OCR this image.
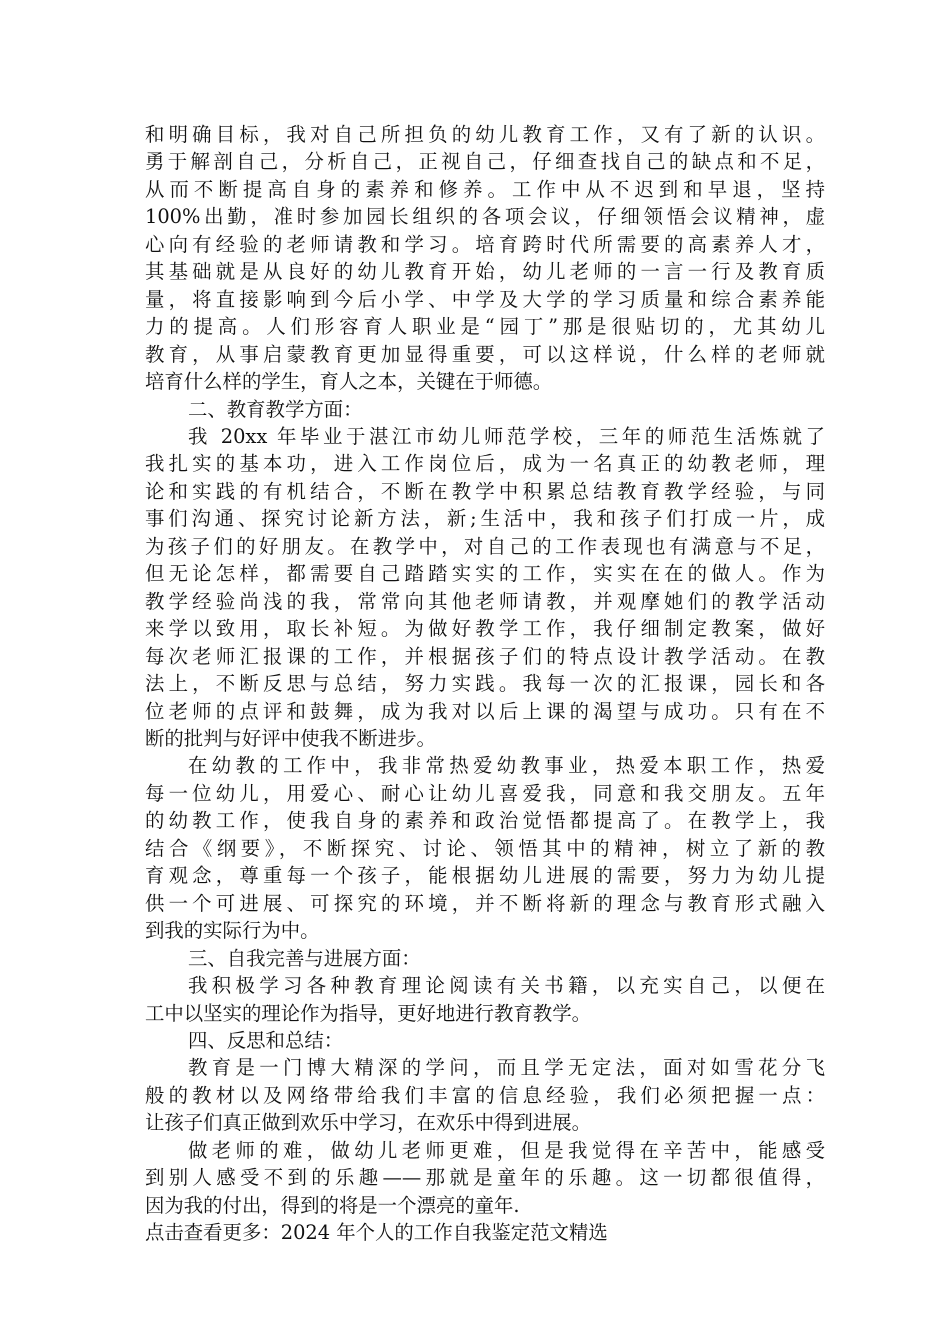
和明确目标，我对自己所担负的幼儿教育工作，又有了新的认识。
勇于解剖自己，分析自己，正视自己，仔细查找自己的缺点和不足，
从而不断提高自身的素养和修养。工作中从不迟到和早退，坚持
100%出勤，准时参加园长组织的各项会议，仔细领悟会议精神，虚
心向有经验的老师请教和学习。培育跨时代所需要的高素养人才，
其基础就是从良好的幼儿教育开始，幼儿老师的一言一行及教育质
量，将直接影响到今后小学、中学及大学的学习质量和综合素养能
力的提高。人们形容育人职业是“园丁”那是很贴切的，尤其幼儿
教育，从事启蒙教育更加显得重要，可以这样说，什么样的老师就
培育什么样的学生，育人之本，关键在于师德。
二、教育教学方面：
我 20xx 年毕业于湛江市幼儿师范学校，三年的师范生活炼就了
我扎实的基本功，进入工作岗位后，成为一名真正的幼教老师，理
论和实践的有机结合，不断在教学中积累总结教育教学经验，与同
事们沟通、探究讨论新方法，新;生活中，我和孩子们打成一片，成
为孩子们的好朋友。在教学中，对自己的工作表现也有满意与不足，
但无论怎样，都需要自己踏踏实实的工作，实实在在的做人。作为
教学经验尚浅的我，常常向其他老师请教，并观摩她们的教学活动
来学以致用，取长补短。为做好教学工作，我仔细制定教案，做好
每次老师汇报课的工作，并根据孩子们的特点设计教学活动。在教
法上，不断反思与总结，努力实践。我每一次的汇报课，园长和各
位老师的点评和鼓舞，成为我对以后上课的渴望与成功。只有在不
断的批判与好评中使我不断进步。
在幼教的工作中，我非常热爱幼教事业，热爱本职工作，热爱
每一位幼儿，用爱心、耐心让幼儿喜爱我，同意和我交朋友。五年
的幼教工作，使我自身的素养和政治觉悟都提高了。在教学上，我
结合《纲要》，不断探究、讨论、领悟其中的精神，树立了新的教
育观念，尊重每一个孩子，能根据幼儿进展的需要，努力为幼儿提
供一个可进展、可探究的环境，并不断将新的理念与教育形式融入
到我的实际行为中。
三、自我完善与进展方面：
我积极学习各种教育理论阅读有关书籍，以充实自己，以便在
工中以坚实的理论作为指导，更好地进行教育教学。
四、反思和总结：
教育是一门博大精深的学问，而且学无定法，面对如雪花分飞
般的教材以及网络带给我们丰富的信息经验，我们必须把握一点：
让孩子们真正做到欢乐中学习，在欢乐中得到进展。
做老师的难，做幼儿老师更难，但是我觉得在辛苦中，能感受
到别人感受不到的乐趣——那就是童年的乐趣。这一切都很值得，
因为我的付出，得到的将是一个漂亮的童年.
点击查看更多：2024 年个人的工作自我鉴定范文精选
